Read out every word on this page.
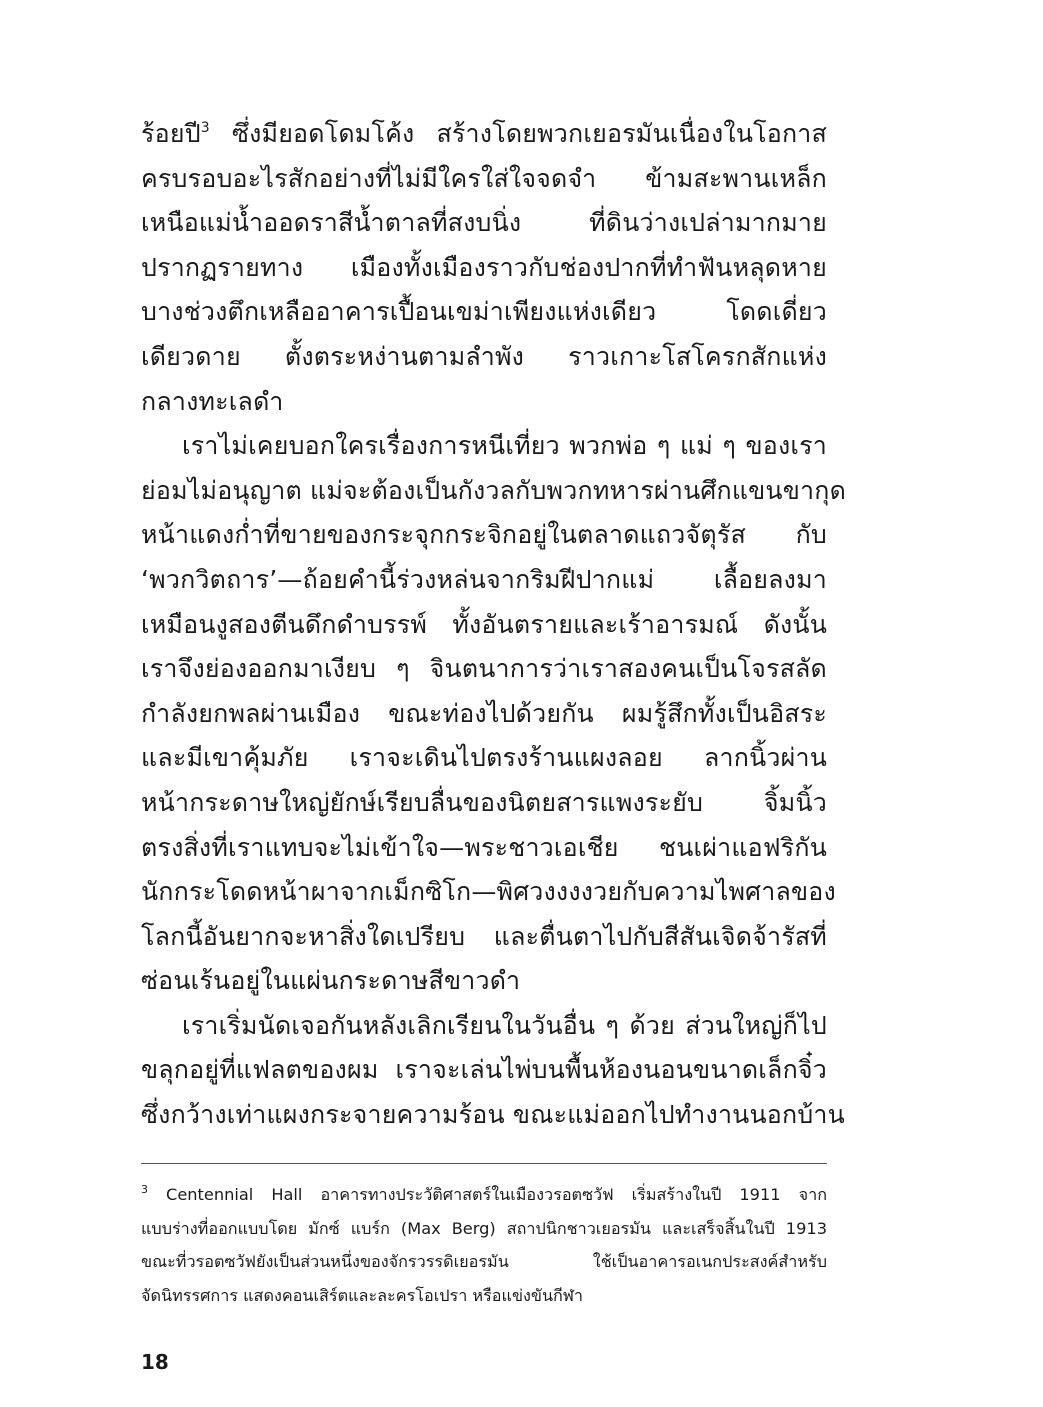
ร้อยปี$^3$ ซึ่งมียอดโดมโค้ง สร้างโดยพวกเยอรมันเนื่องในโอกาส
ครบรอบอะไรสักอย่างที่ไม่มีใครใส่ใจจดจำ ข้ามสะพานเหล็ก
เหนือแม่น้ำออดราสีน้ำตาลที่สงบนิ่ง ที่ดินว่างเปล่ามากมาย
ปรากฏรายทาง เมืองทั้งเมืองราวกับช่องปากที่ทำฟันหลุดหาย
บางช่วงตึกเหลืออาคารเปื้อนเขม่าเพียงแห่งเดียว โดดเดี่ยว
เดียวดาย ตั้งตระหง่านตามลำพัง ราวเกาะโสโครกสักแห่ง
กลางทะเลดำ
เราไม่เคยบอกใครเรื่องการหนีเที่ยว พวกพ่อ ๆ แม่ ๆ ของเรา
ย่อมไม่อนุญาต แม่จะต้องเป็นกังวลกับพวกทหารผ่านศึกแขนขากุด
หน้าแดงก่ำที่ขายของกระจุกกระจิกอยู่ในตลาดแถวจัตุรัส กับ
‘พวกวิตถาร’—ถ้อยคำนี้ร่วงหล่นจากริมฝีปากแม่ เลื้อยลงมา
เหมือนงูสองตีนดึกดำบรรพ์ ทั้งอันตรายและเร้าอารมณ์ ดังนั้น
เราจึงย่องออกมาเงียบ ๆ จินตนาการว่าเราสองคนเป็นโจรสลัด
กำลังยกพลผ่านเมือง ขณะท่องไปด้วยกัน ผมรู้สึกทั้งเป็นอิสระ
และมีเขาคุ้มภัย เราจะเดินไปตรงร้านแผงลอย ลากนิ้วผ่าน
หน้ากระดาษใหญ่ยักษ์เรียบลื่นของนิตยสารแพงระยับ จิ้มนิ้ว
ตรงสิ่งที่เราแทบจะไม่เข้าใจ—พระชาวเอเชีย ชนเผ่าแอฟริกัน
นักกระโดดหน้าผาจากเม็กซิโก—พิศวงงงงวยกับความไพศาลของ
โลกนี้อันยากจะหาสิ่งใดเปรียบ และตื่นตาไปกับสีสันเจิดจ้ารัสที่
ซ่อนเร้นอยู่ในแผ่นกระดาษสีขาวดำ
เราเริ่มนัดเจอกันหลังเลิกเรียนในวันอื่น ๆ ด้วย ส่วนใหญ่ก็ไป
ขลุกอยู่ที่แฟลตของผม เราจะเล่นไพ่บนพื้นห้องนอนขนาดเล็กจิ๋ว
ซึ่งกว้างเท่าแผงกระจายความร้อน ขณะแม่ออกไปทำงานนอกบ้าน
$^3$ Centennial Hall อาคารทางประวัติศาสตร์ในเมืองวรอตซวัฟ เริ่มสร้างในปี 1911 จาก
แบบร่างที่ออกแบบโดย มักซ์ แบร์ก (Max Berg) สถาปนิกชาวเยอรมัน และเสร็จสิ้นในปี 1913
ขณะที่วรอตซวัฟยังเป็นส่วนหนึ่งของจักรวรรดิเยอรมัน ใช้เป็นอาคารอเนกประสงค์สำหรับ
จัดนิทรรศการ แสดงคอนเสิร์ตและละครโอเปรา หรือแข่งขันกีฬา
18
